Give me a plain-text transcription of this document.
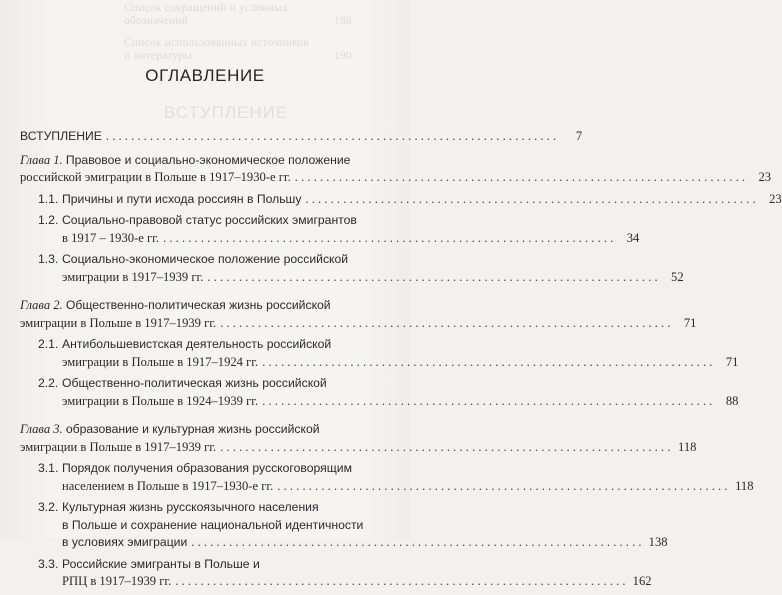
Список сокращений и условных
обозначений	188
Список использованных источников
и литературы	190
ВСТУПЛЕНИЕ
ОГЛАВЛЕНИЕ
ВСТУПЛЕНИЕ . . .	7
Глава 1. Правовое и социально-экономическое положение
российской эмиграции в Польше в 1917–1930-е гг. . . .	23
1.1. Причины и пути исхода россиян в Польшу . . .	23
1.2. Социально-правовой статус российских эмигрантов
в 1917 – 1930-е гг. . . .	34
1.3. Социально-экономическое положение российской
эмиграции в 1917–1939 гг. . . .	52
Глава 2. Общественно-политическая жизнь российской
эмиграции в Польше в 1917–1939 гг. . . .	71
2.1. Антибольшевистская деятельность российской
эмиграции в Польше в 1917–1924 гг. . . .	71
2.2. Общественно-политическая жизнь российской
эмиграции в Польше в 1924–1939 гг. . . .	88
Глава 3. образование и культурная жизнь российской
эмиграции в Польше в 1917–1939 гг. . . .	118
3.1. Порядок получения образования русскоговорящим
населением в Польше в 1917–1930-е гг. . . .	118
3.2. Культурная жизнь русскоязычного населения
в Польше и сохранение национальной идентичности
в условиях эмиграции . . .	138
3.3. Российские эмигранты в Польше и
РПЦ в 1917–1939 гг. . . .	162
